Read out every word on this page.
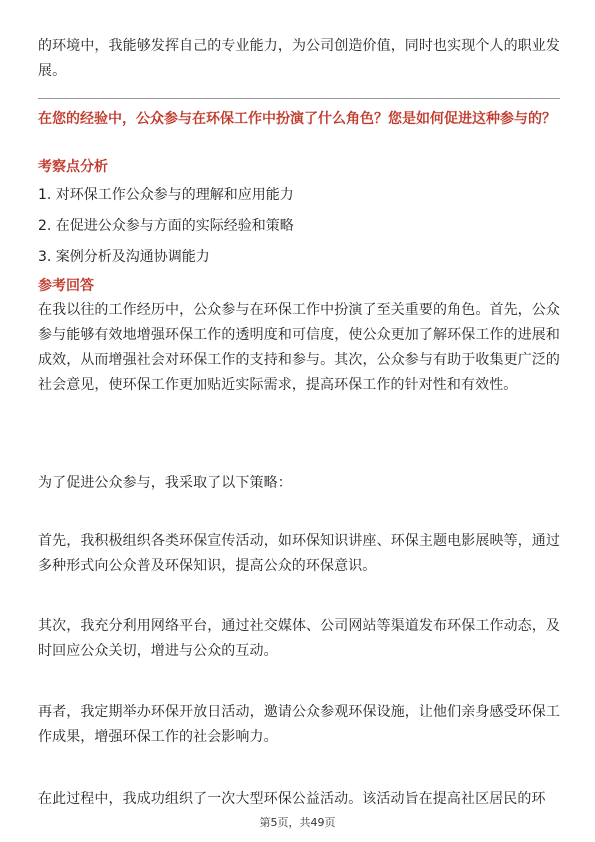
的环境中，我能够发挥自己的专业能力，为公司创造价值，同时也实现个人的职业发展。

在您的经验中，公众参与在环保工作中扮演了什么角色？您是如何促进这种参与的？

考察点分析

1. 对环保工作公众参与的理解和应用能力
2. 在促进公众参与方面的实际经验和策略
3. 案例分析及沟通协调能力

参考回答

在我以往的工作经历中，公众参与在环保工作中扮演了至关重要的角色。首先，公众参与能够有效地增强环保工作的透明度和可信度，使公众更加了解环保工作的进展和成效，从而增强社会对环保工作的支持和参与。其次，公众参与有助于收集更广泛的社会意见，使环保工作更加贴近实际需求，提高环保工作的针对性和有效性。

为了促进公众参与，我采取了以下策略：

首先，我积极组织各类环保宣传活动，如环保知识讲座、环保主题电影展映等，通过多种形式向公众普及环保知识，提高公众的环保意识。

其次，我充分利用网络平台，通过社交媒体、公司网站等渠道发布环保工作动态，及时回应公众关切，增进与公众的互动。

再者，我定期举办环保开放日活动，邀请公众参观环保设施，让他们亲身感受环保工作成果，增强环保工作的社会影响力。

在此过程中，我成功组织了一次大型环保公益活动。该活动旨在提高社区居民的环

第5页，共49页
